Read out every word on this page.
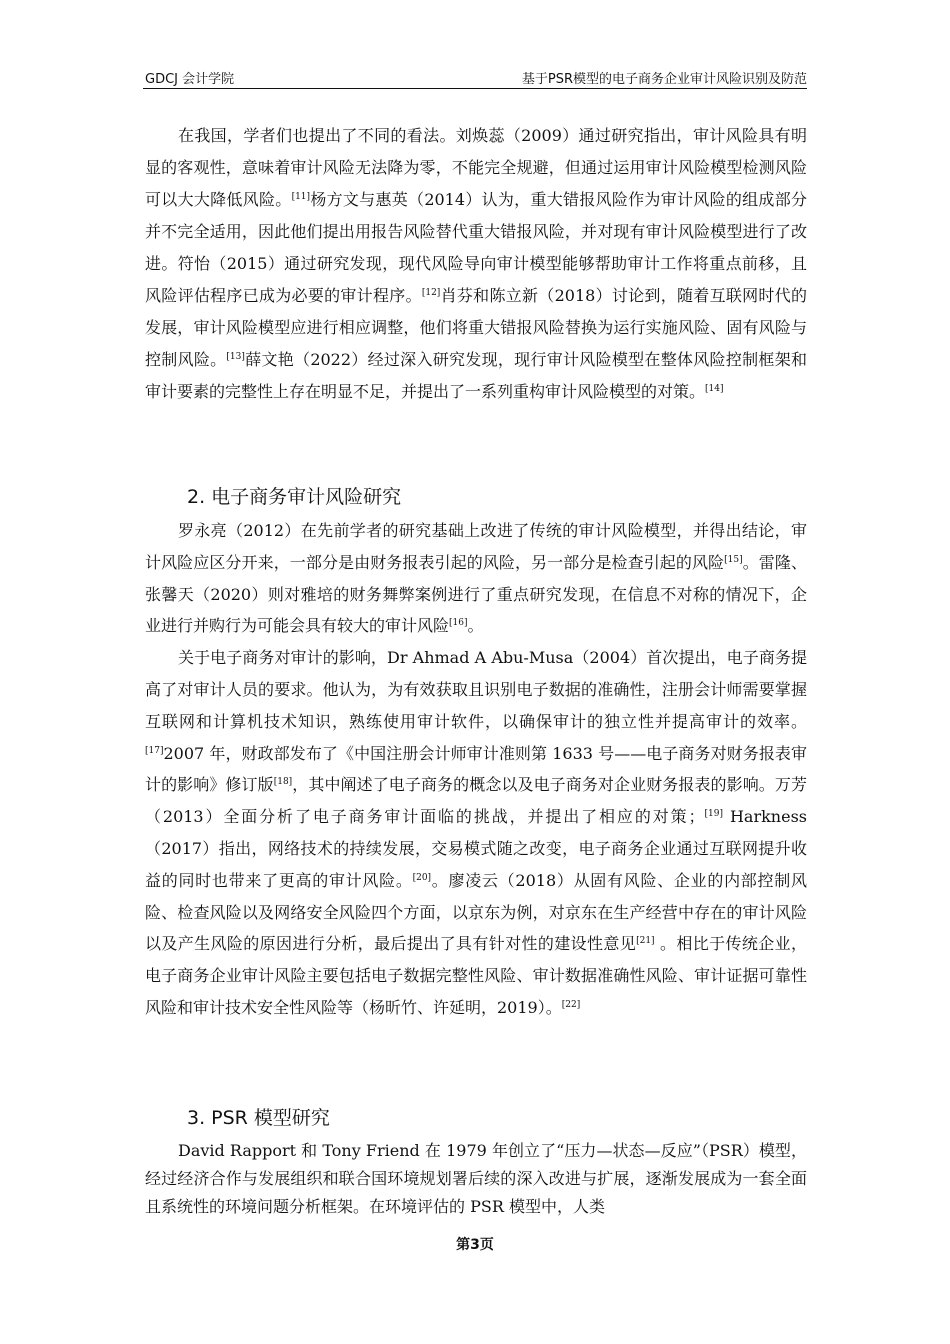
GDCJ 会计学院	基于PSR模型的电子商务企业审计风险识别及防范

在我国，学者们也提出了不同的看法。刘焕蕊（2009）通过研究指出，审计风险具有明显的客观性，意味着审计风险无法降为零，不能完全规避，但通过运用审计风险模型检测风险可以大大降低风险。[11]杨方文与惠英（2014）认为，重大错报风险作为审计风险的组成部分并不完全适用，因此他们提出用报告风险替代重大错报风险，并对现有审计风险模型进行了改进。符怡（2015）通过研究发现，现代风险导向审计模型能够帮助审计工作将重点前移，且风险评估程序已成为必要的审计程序。[12]肖芬和陈立新（2018）讨论到，随着互联网时代的发展，审计风险模型应进行相应调整，他们将重大错报风险替换为运行实施风险、固有风险与控制风险。[13]薛文艳（2022）经过深入研究发现，现行审计风险模型在整体风险控制框架和审计要素的完整性上存在明显不足，并提出了一系列重构审计风险模型的对策。[14]

2. 电子商务审计风险研究

罗永亮（2012）在先前学者的研究基础上改进了传统的审计风险模型，并得出结论，审计风险应区分开来，一部分是由财务报表引起的风险，另一部分是检查引起的风险[15]。雷隆、张馨天（2020）则对雅培的财务舞弊案例进行了重点研究发现，在信息不对称的情况下，企业进行并购行为可能会具有较大的审计风险[16]。

关于电子商务对审计的影响，Dr Ahmad A Abu-Musa（2004）首次提出，电子商务提高了对审计人员的要求。他认为，为有效获取且识别电子数据的准确性，注册会计师需要掌握互联网和计算机技术知识，熟练使用审计软件，以确保审计的独立性并提高审计的效率。[17]2007 年，财政部发布了《中国注册会计师审计准则第 1633 号——电子商务对财务报表审计的影响》修订版[18]，其中阐述了电子商务的概念以及电子商务对企业财务报表的影响。万芳（2013）全面分析了电子商务审计面临的挑战，并提出了相应的对策；[19] Harkness（2017）指出，网络技术的持续发展，交易模式随之改变，电子商务企业通过互联网提升收益的同时也带来了更高的审计风险。[20]。廖凌云（2018）从固有风险、企业的内部控制风险、检查风险以及网络安全风险四个方面，以京东为例，对京东在生产经营中存在的审计风险以及产生风险的原因进行分析，最后提出了具有针对性的建设性意见[21] 。相比于传统企业，电子商务企业审计风险主要包括电子数据完整性风险、审计数据准确性风险、审计证据可靠性风险和审计技术安全性风险等（杨昕竹、许延明，2019）。[22]

3. PSR 模型研究

David Rapport 和 Tony Friend 在 1979 年创立了“压力—状态—反应”（PSR）模型，经过经济合作与发展组织和联合国环境规划署后续的深入改进与扩展，逐渐发展成为一套全面且系统性的环境问题分析框架。在环境评估的 PSR 模型中，人类

第3页
